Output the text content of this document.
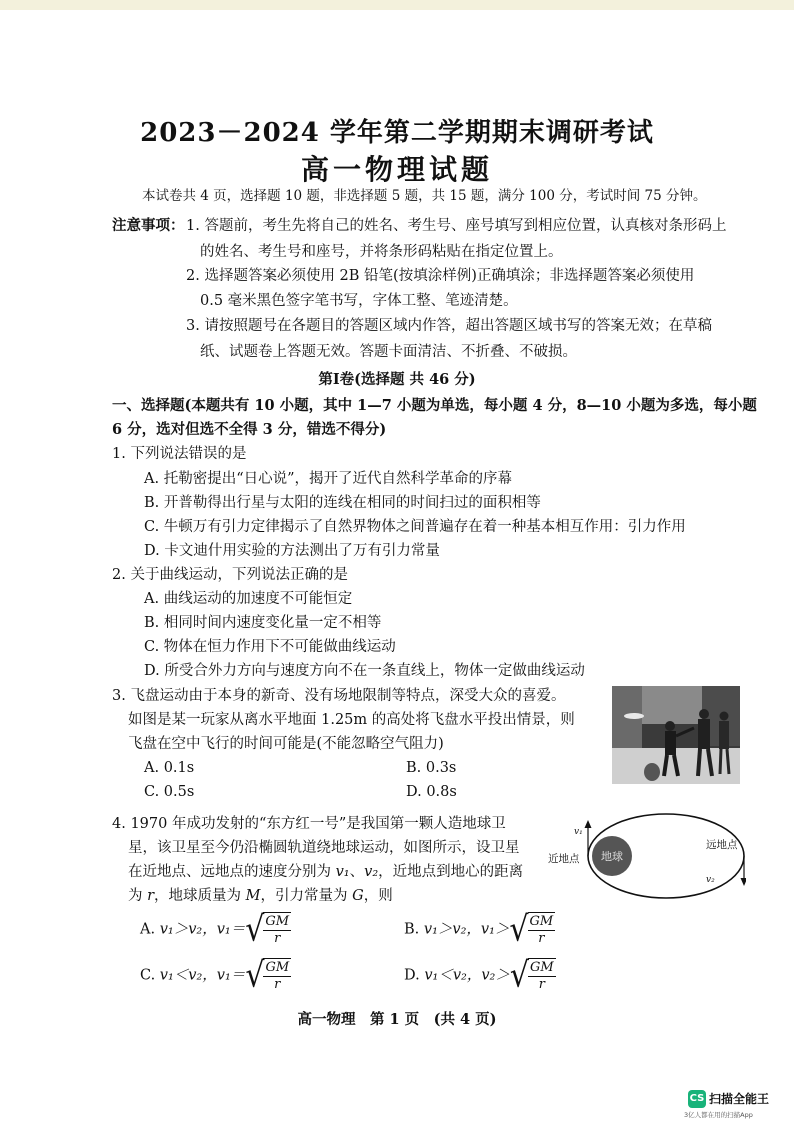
2023－2024 学年第二学期期末调研考试
高一物理试题
本试卷共 4 页，选择题 10 题，非选择题 5 题，共 15 题，满分 100 分，考试时间 75 分钟。
注意事项： 1. 答题前，考生先将自己的姓名、考生号、座号填写到相应位置，认真核对条形码上
的姓名、考生号和座号，并将条形码粘贴在指定位置上。
2. 选择题答案必须使用 2B 铅笔(按填涂样例)正确填涂；非选择题答案必须使用
0.5 毫米黑色签字笔书写，字体工整、笔迹清楚。
3. 请按照题号在各题目的答题区域内作答，超出答题区域书写的答案无效；在草稿
纸、试题卷上答题无效。答题卡面清洁、不折叠、不破损。
第Ⅰ卷(选择题 共 46 分)
一、选择题(本题共有 10 小题，其中 1—7 小题为单选，每小题 4 分，8—10 小题为多选，每小题
6 分，选对但选不全得 3 分，错选不得分)
1. 下列说法错误的是
A. 托勒密提出“日心说”，揭开了近代自然科学革命的序幕
B. 开普勒得出行星与太阳的连线在相同的时间扫过的面积相等
C. 牛顿万有引力定律揭示了自然界物体之间普遍存在着一种基本相互作用：引力作用
D. 卡文迪什用实验的方法测出了万有引力常量
2. 关于曲线运动，下列说法正确的是
A. 曲线运动的加速度不可能恒定
B. 相同时间内速度变化量一定不相等
C. 物体在恒力作用下不可能做曲线运动
D. 所受合外力方向与速度方向不在一条直线上，物体一定做曲线运动
3. 飞盘运动由于本身的新奇、没有场地限制等特点，深受大众的喜爱。
如图是某一玩家从离水平地面 1.25m 的高处将飞盘水平投出情景，则
飞盘在空中飞行的时间可能是(不能忽略空气阻力)
A. 0.1s	B. 0.3s
C. 0.5s	D. 0.8s
4. 1970 年成功发射的“东方红一号”是我国第一颗人造地球卫
星，该卫星至今仍沿椭圆轨道绕地球运动，如图所示，设卫星
在近地点、远地点的速度分别为 v₁、v₂，近地点到地心的距离
为 r，地球质量为 M，引力常量为 G，则
地球
v₁
v₂
近地点
远地点
A. v₁＞v₂，v₁＝ √ $\frac{GM}{r}$	B. v₁＞v₂，v₁＞ √ $\frac{GM}{r}$
C. v₁＜v₂，v₁＝ √ $\frac{GM}{r}$	D. v₁＜v₂，v₂＞ √ $\frac{GM}{r}$
高一物理　第 1 页　(共 4 页)
CS 扫描全能王
3亿人都在用的扫描App
